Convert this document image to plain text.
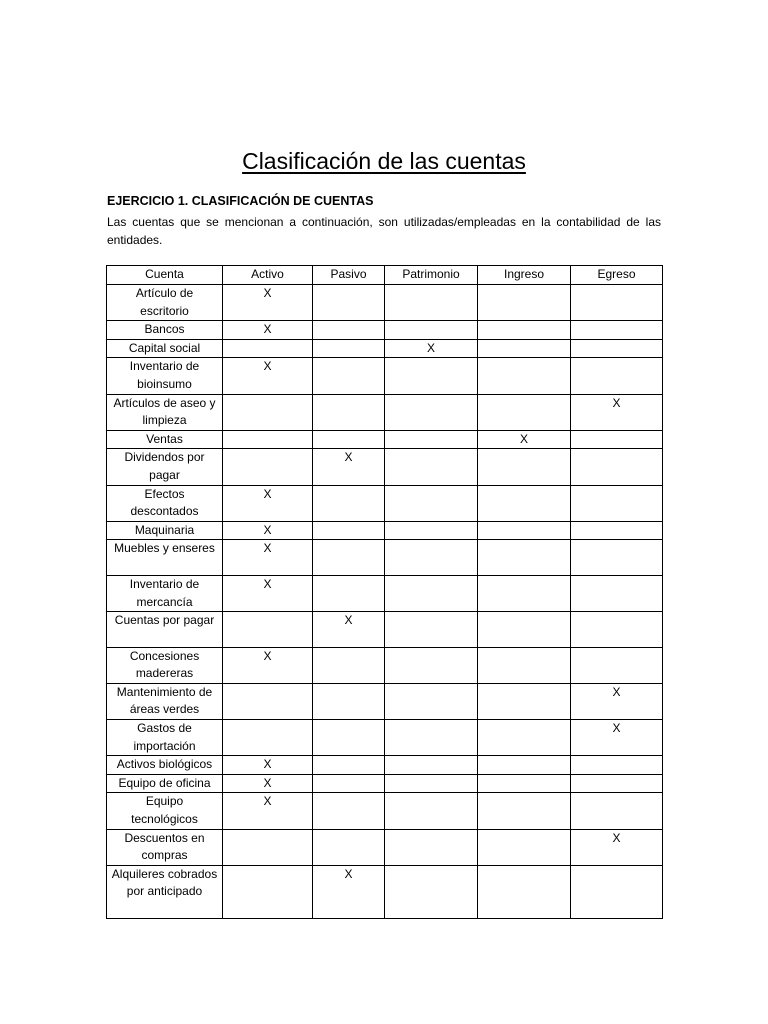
Clasificación de las cuentas
EJERCICIO 1. CLASIFICACIÓN DE CUENTAS
Las cuentas que se mencionan a continuación, son utilizadas/empleadas en la contabilidad de las entidades.
Cuenta	Activo	Pasivo	Patrimonio	Ingreso	Egreso
Artículo de escritorio	X				
Bancos	X				
Capital social			X		
Inventario de bioinsumo	X				
Artículos de aseo y limpieza					X
Ventas				X	
Dividendos por pagar		X			
Efectos descontados	X				
Maquinaria	X				
Muebles y enseres	X				
Inventario de mercancía	X				
Cuentas por pagar		X			
Concesiones madereras	X				
Mantenimiento de áreas verdes					X
Gastos de importación					X
Activos biológicos	X				
Equipo de oficina	X				
Equipo tecnológicos	X				
Descuentos en compras					X
Alquileres cobrados por anticipado		X			
